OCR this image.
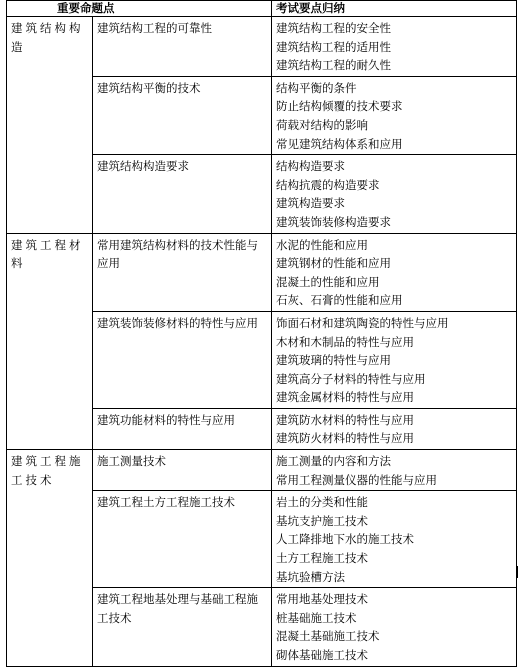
重要命题点		考试要点归纳
建筑结构构造	建筑结构工程的可靠性	建筑结构工程的安全性
建筑结构工程的适用性
建筑结构工程的耐久性

	建筑结构平衡的技术	结构平衡的条件
防止结构倾覆的技术要求
荷载对结构的影响
常见建筑结构体系和应用

	建筑结构构造要求	结构构造要求
结构抗震的构造要求
建筑构造要求
建筑装饰装修构造要求

建筑工程材料	常用建筑结构材料的技术性能与应用	水泥的性能和应用
建筑钢材的性能和应用
混凝土的性能和应用
石灰、石膏的性能和应用

	建筑装饰装修材料的特性与应用	饰面石材和建筑陶瓷的特性与应用
木材和木制品的特性与应用
建筑玻璃的特性与应用
建筑高分子材料的特性与应用
建筑金属材料的特性与应用

	建筑功能材料的特性与应用	建筑防水材料的特性与应用
建筑防火材料的特性与应用

建筑工程施工技术	施工测量技术	施工测量的内容和方法
常用工程测量仪器的性能与应用

	建筑工程土方工程施工技术	岩土的分类和性能
基坑支护施工技术
人工降排地下水的施工技术
土方工程施工技术
基坑验槽方法

	建筑工程地基处理与基础工程施工技术	常用地基处理技术
桩基础施工技术
混凝土基础施工技术
砌体基础施工技术
